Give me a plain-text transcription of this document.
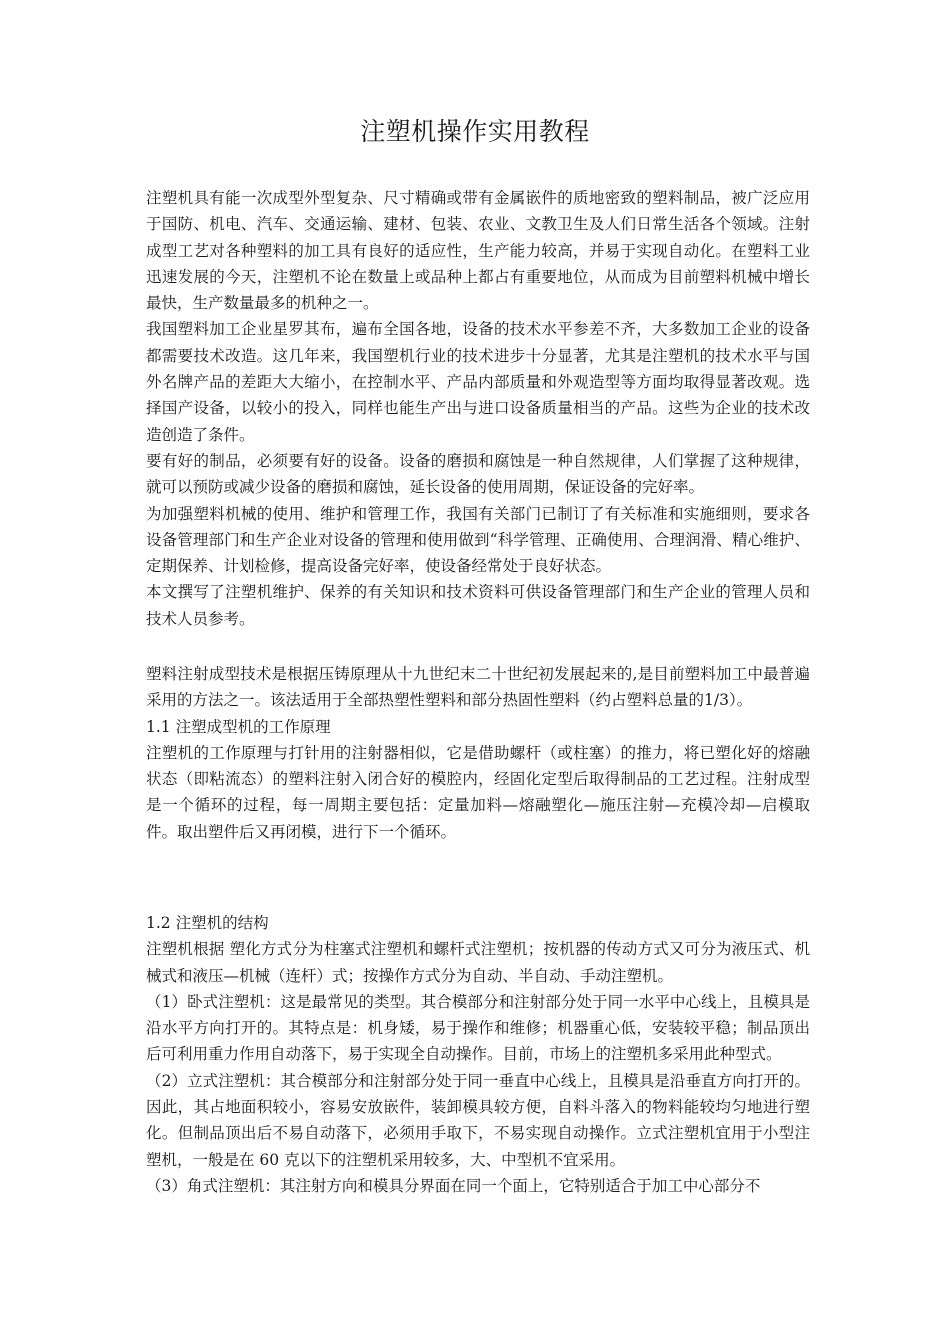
注塑机操作实用教程

注塑机具有能一次成型外型复杂、尺寸精确或带有金属嵌件的质地密致的塑料制品，被广泛应用于国防、机电、汽车、交通运输、建材、包装、农业、文教卫生及人们日常生活各个领域。注射成型工艺对各种塑料的加工具有良好的适应性，生产能力较高，并易于实现自动化。在塑料工业迅速发展的今天，注塑机不论在数量上或品种上都占有重要地位，从而成为目前塑料机械中增长最快，生产数量最多的机种之一。

我国塑料加工企业星罗其布，遍布全国各地，设备的技术水平参差不齐，大多数加工企业的设备都需要技术改造。这几年来，我国塑机行业的技术进步十分显著，尤其是注塑机的技术水平与国外名牌产品的差距大大缩小，在控制水平、产品内部质量和外观造型等方面均取得显著改观。选择国产设备，以较小的投入，同样也能生产出与进口设备质量相当的产品。这些为企业的技术改造创造了条件。

要有好的制品，必须要有好的设备。设备的磨损和腐蚀是一种自然规律，人们掌握了这种规律，就可以预防或减少设备的磨损和腐蚀，延长设备的使用周期，保证设备的完好率。

为加强塑料机械的使用、维护和管理工作，我国有关部门已制订了有关标准和实施细则，要求各设备管理部门和生产企业对设备的管理和使用做到“科学管理、正确使用、合理润滑、精心维护、定期保养、计划检修，提高设备完好率，使设备经常处于良好状态。

本文撰写了注塑机维护、保养的有关知识和技术资料可供设备管理部门和生产企业的管理人员和技术人员参考。

塑料注射成型技术是根据压铸原理从十九世纪末二十世纪初发展起来的,是目前塑料加工中最普遍采用的方法之一。该法适用于全部热塑性塑料和部分热固性塑料（约占塑料总量的1/3）。

1.1 注塑成型机的工作原理

注塑机的工作原理与打针用的注射器相似，它是借助螺杆（或柱塞）的推力，将已塑化好的熔融状态（即粘流态）的塑料注射入闭合好的模腔内，经固化定型后取得制品的工艺过程。注射成型是一个循环的过程，每一周期主要包括：定量加料—熔融塑化—施压注射—充模冷却—启模取件。取出塑件后又再闭模，进行下一个循环。

1.2 注塑机的结构

注塑机根据 塑化方式分为柱塞式注塑机和螺杆式注塑机；按机器的传动方式又可分为液压式、机械式和液压—机械（连杆）式；按操作方式分为自动、半自动、手动注塑机。

（1）卧式注塑机：这是最常见的类型。其合模部分和注射部分处于同一水平中心线上，且模具是沿水平方向打开的。其特点是：机身矮，易于操作和维修；机器重心低，安装较平稳；制品顶出后可利用重力作用自动落下，易于实现全自动操作。目前，市场上的注塑机多采用此种型式。

（2）立式注塑机：其合模部分和注射部分处于同一垂直中心线上，且模具是沿垂直方向打开的。因此，其占地面积较小，容易安放嵌件，装卸模具较方便，自料斗落入的物料能较均匀地进行塑化。但制品顶出后不易自动落下，必须用手取下，不易实现自动操作。立式注塑机宜用于小型注塑机，一般是在 60 克以下的注塑机采用较多，大、中型机不宜采用。

（3）角式注塑机：其注射方向和模具分界面在同一个面上，它特别适合于加工中心部分不
